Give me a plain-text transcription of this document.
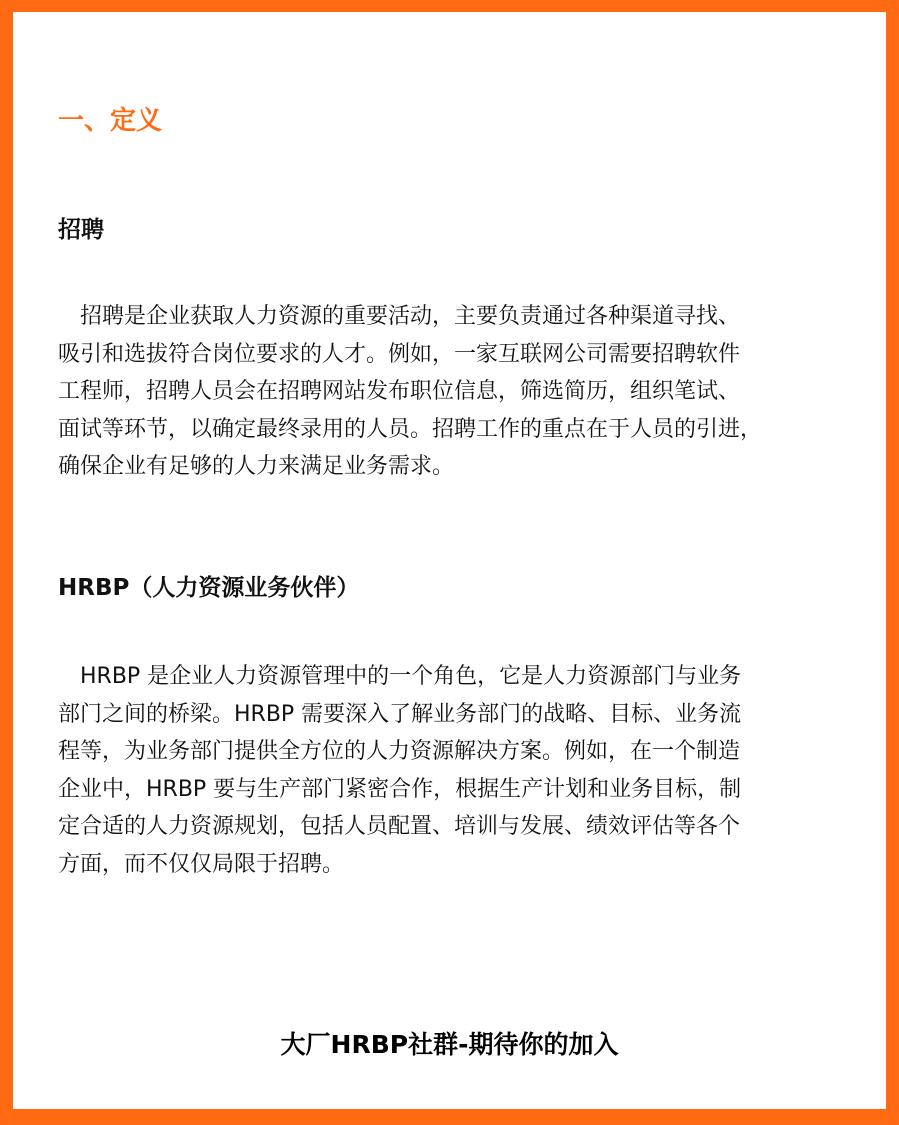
一、定义
招聘

　招聘是企业获取人力资源的重要活动，主要负责通过各种渠道寻找、
吸引和选拔符合岗位要求的人才。例如，一家互联网公司需要招聘软件
工程师，招聘人员会在招聘网站发布职位信息，筛选简历，组织笔试、
面试等环节，以确定最终录用的人员。招聘工作的重点在于人员的引进，
确保企业有足够的人力来满足业务需求。

HRBP（人力资源业务伙伴）

　HRBP 是企业人力资源管理中的一个角色，它是人力资源部门与业务
部门之间的桥梁。HRBP 需要深入了解业务部门的战略、目标、业务流
程等，为业务部门提供全方位的人力资源解决方案。例如，在一个制造
企业中，HRBP 要与生产部门紧密合作，根据生产计划和业务目标，制
定合适的人力资源规划，包括人员配置、培训与发展、绩效评估等各个
方面，而不仅仅局限于招聘。

大厂HRBP社群-期待你的加入
